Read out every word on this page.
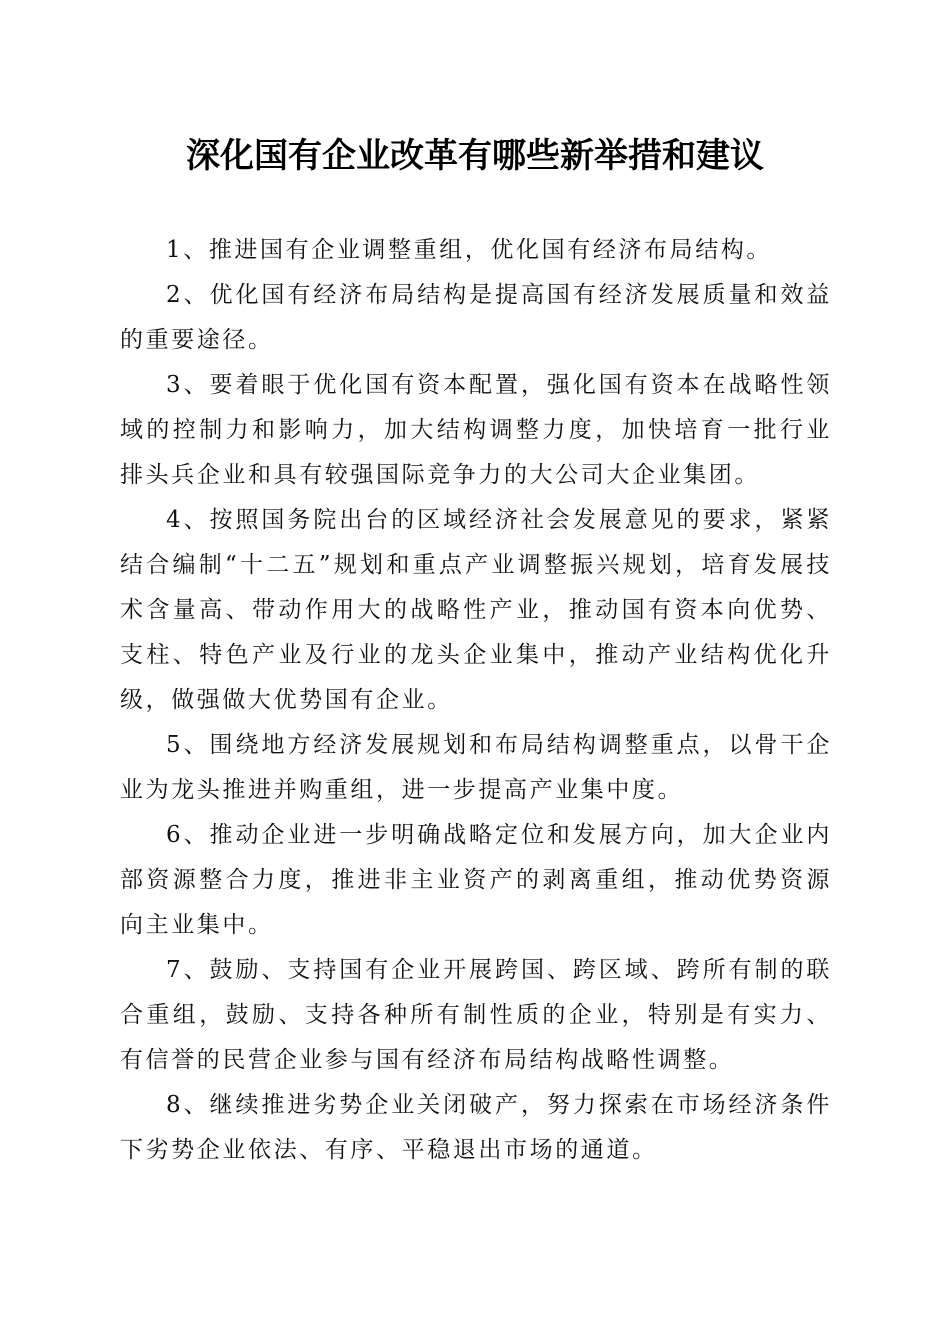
深化国有企业改革有哪些新举措和建议

1、推进国有企业调整重组，优化国有经济布局结构。

2、优化国有经济布局结构是提高国有经济发展质量和效益的重要途径。

3、要着眼于优化国有资本配置，强化国有资本在战略性领域的控制力和影响力，加大结构调整力度，加快培育一批行业排头兵企业和具有较强国际竞争力的大公司大企业集团。

4、按照国务院出台的区域经济社会发展意见的要求，紧紧结合编制“十二五”规划和重点产业调整振兴规划，培育发展技术含量高、带动作用大的战略性产业，推动国有资本向优势、支柱、特色产业及行业的龙头企业集中，推动产业结构优化升级，做强做大优势国有企业。

5、围绕地方经济发展规划和布局结构调整重点，以骨干企业为龙头推进并购重组，进一步提高产业集中度。

6、推动企业进一步明确战略定位和发展方向，加大企业内部资源整合力度，推进非主业资产的剥离重组，推动优势资源向主业集中。

7、鼓励、支持国有企业开展跨国、跨区域、跨所有制的联合重组，鼓励、支持各种所有制性质的企业，特别是有实力、有信誉的民营企业参与国有经济布局结构战略性调整。

8、继续推进劣势企业关闭破产，努力探索在市场经济条件下劣势企业依法、有序、平稳退出市场的通道。
